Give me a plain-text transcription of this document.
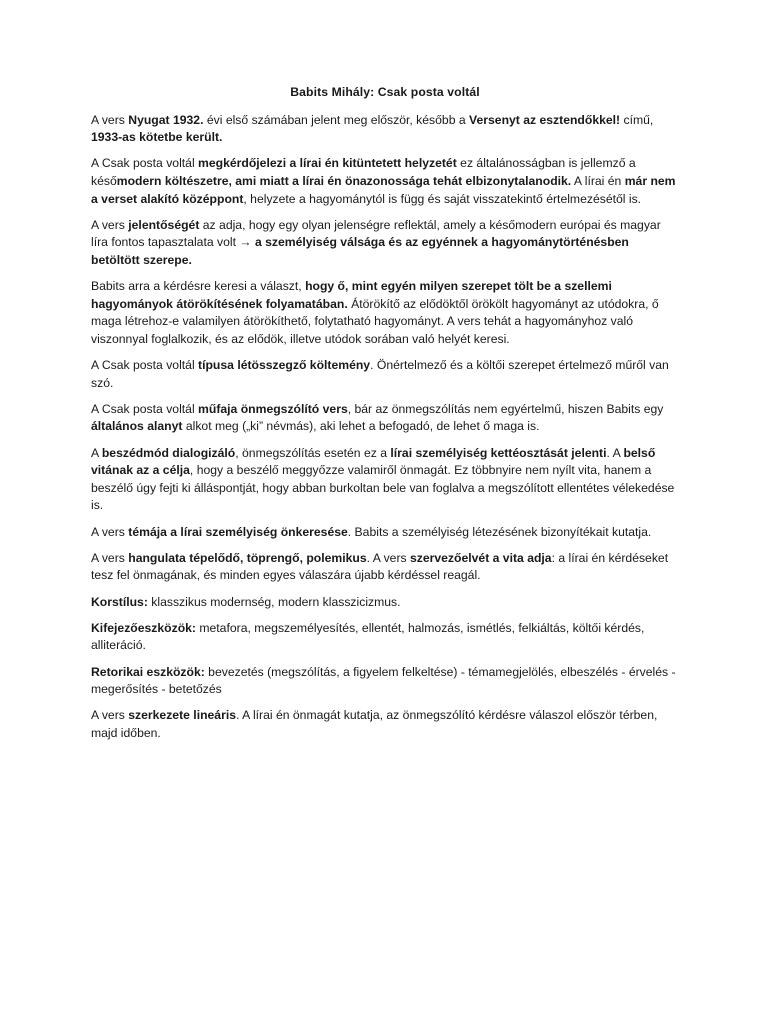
Babits Mihály: Csak posta voltál

A vers Nyugat 1932. évi első számában jelent meg először, később a Versenyt az esztendőkkel! című, 1933-as kötetbe került.

A Csak posta voltál megkérdőjelezi a lírai én kitüntetett helyzetét ez általánosságban is jellemző a későmodern költészetre, ami miatt a lírai én önazonossága tehát elbizonytalanodik. A lírai én már nem a verset alakító középpont, helyzete a hagyománytól is függ és saját visszatekintő értelmezésétől is.

A vers jelentőségét az adja, hogy egy olyan jelenségre reflektál, amely a későmodern európai és magyar líra fontos tapasztalata volt → a személyiség válsága és az egyénnek a hagyománytörténésben betöltött szerepe.

Babits arra a kérdésre keresi a választ, hogy ő, mint egyén milyen szerepet tölt be a szellemi hagyományok átörökítésének folyamatában. Átörökítő az elődöktől örökölt hagyományt az utódokra, ő maga létrehoz-e valamilyen átörökíthető, folytatható hagyományt. A vers tehát a hagyományhoz való viszonnyal foglalkozik, és az elődök, illetve utódok sorában való helyét keresi.

A Csak posta voltál típusa létösszegző költemény. Önértelmező és a költői szerepet értelmező műről van szó.

A Csak posta voltál műfaja önmegszólító vers, bár az önmegszólítás nem egyértelmű, hiszen Babits egy általános alanyt alkot meg („ki” névmás), aki lehet a befogadó, de lehet ő maga is.

A beszédmód dialogizáló, önmegszólítás esetén ez a lírai személyiség kettéosztását jelenti. A belső vitának az a célja, hogy a beszélő meggyőzze valamiről önmagát. Ez többnyire nem nyílt vita, hanem a beszélő úgy fejti ki álláspontját, hogy abban burkoltan bele van foglalva a megszólított ellentétes vélekedése is.

A vers témája a lírai személyiség önkeresése. Babits a személyiség létezésének bizonyítékait kutatja.

A vers hangulata tépelődő, töprengő, polemikus. A vers szervezőelvét a vita adja: a lírai én kérdéseket tesz fel önmagának, és minden egyes válaszára újabb kérdéssel reagál.

Korstílus: klasszikus modernség, modern klasszicizmus.

Kifejezőeszközök: metafora, megszemélyesítés, ellentét, halmozás, ismétlés, felkiáltás, költői kérdés, alliteráció.

Retorikai eszközök: bevezetés (megszólítás, a figyelem felkeltése) - témamegjelölés, elbeszélés - érvelés -megerősítés - betetőzés

A vers szerkezete lineáris. A lírai én önmagát kutatja, az önmegszólító kérdésre válaszol először térben, majd időben.
